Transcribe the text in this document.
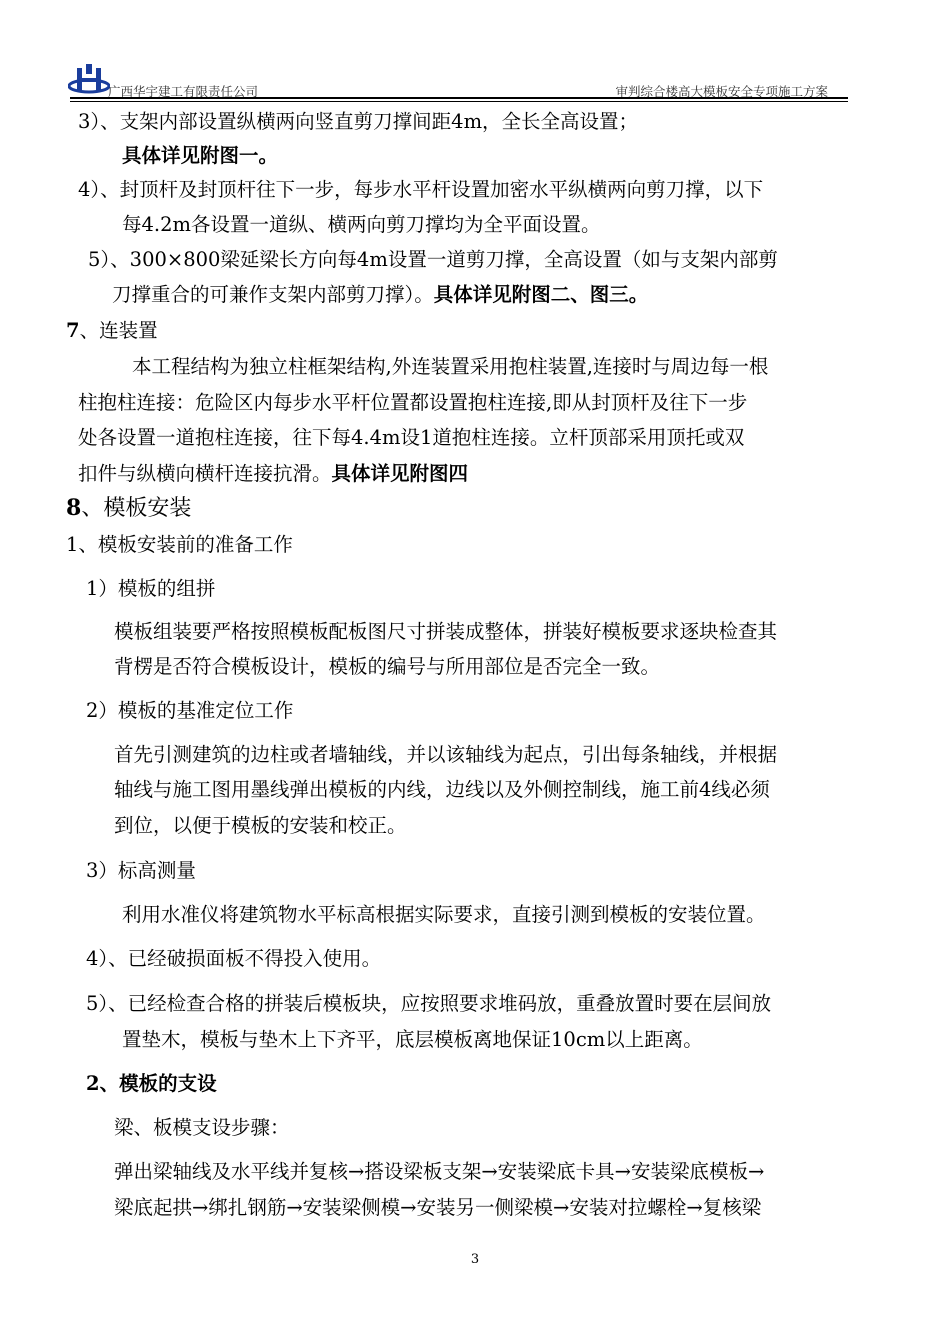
广西华宇建工有限责任公司	审判综合楼高大模板安全专项施工方案
3）、支架内部设置纵横两向竖直剪刀撑间距4m，全长全高设置；
具体详见附图一。
4）、封顶杆及封顶杆往下一步，每步水平杆设置加密水平纵横两向剪刀撑，以下
每4.2m各设置一道纵、横两向剪刀撑均为全平面设置。
5）、300×800梁延梁长方向每4m设置一道剪刀撑，全高设置（如与支架内部剪
刀撑重合的可兼作支架内部剪刀撑）。具体详见附图二、图三。
7、连装置
本工程结构为独立柱框架结构,外连装置采用抱柱装置,连接时与周边每一根
柱抱柱连接：危险区内每步水平杆位置都设置抱柱连接,即从封顶杆及往下一步
处各设置一道抱柱连接，往下每4.4m设1道抱柱连接。立杆顶部采用顶托或双
扣件与纵横向横杆连接抗滑。具体详见附图四
8、模板安装
1、模板安装前的准备工作
1）模板的组拼
模板组装要严格按照模板配板图尺寸拼装成整体，拼装好模板要求逐块检查其
背楞是否符合模板设计，模板的编号与所用部位是否完全一致。
2）模板的基准定位工作
首先引测建筑的边柱或者墙轴线，并以该轴线为起点，引出每条轴线，并根据
轴线与施工图用墨线弹出模板的内线，边线以及外侧控制线，施工前4线必须
到位，以便于模板的安装和校正。
3）标高测量
利用水准仪将建筑物水平标高根据实际要求，直接引测到模板的安装位置。
4）、已经破损面板不得投入使用。
5）、已经检查合格的拼装后模板块，应按照要求堆码放，重叠放置时要在层间放
置垫木，模板与垫木上下齐平，底层模板离地保证10cm以上距离。
2、模板的支设
梁、板模支设步骤：
弹出梁轴线及水平线并复核→搭设梁板支架→安装梁底卡具→安装梁底模板→
梁底起拱→绑扎钢筋→安装梁侧模→安装另一侧梁模→安装对拉螺栓→复核梁
3
